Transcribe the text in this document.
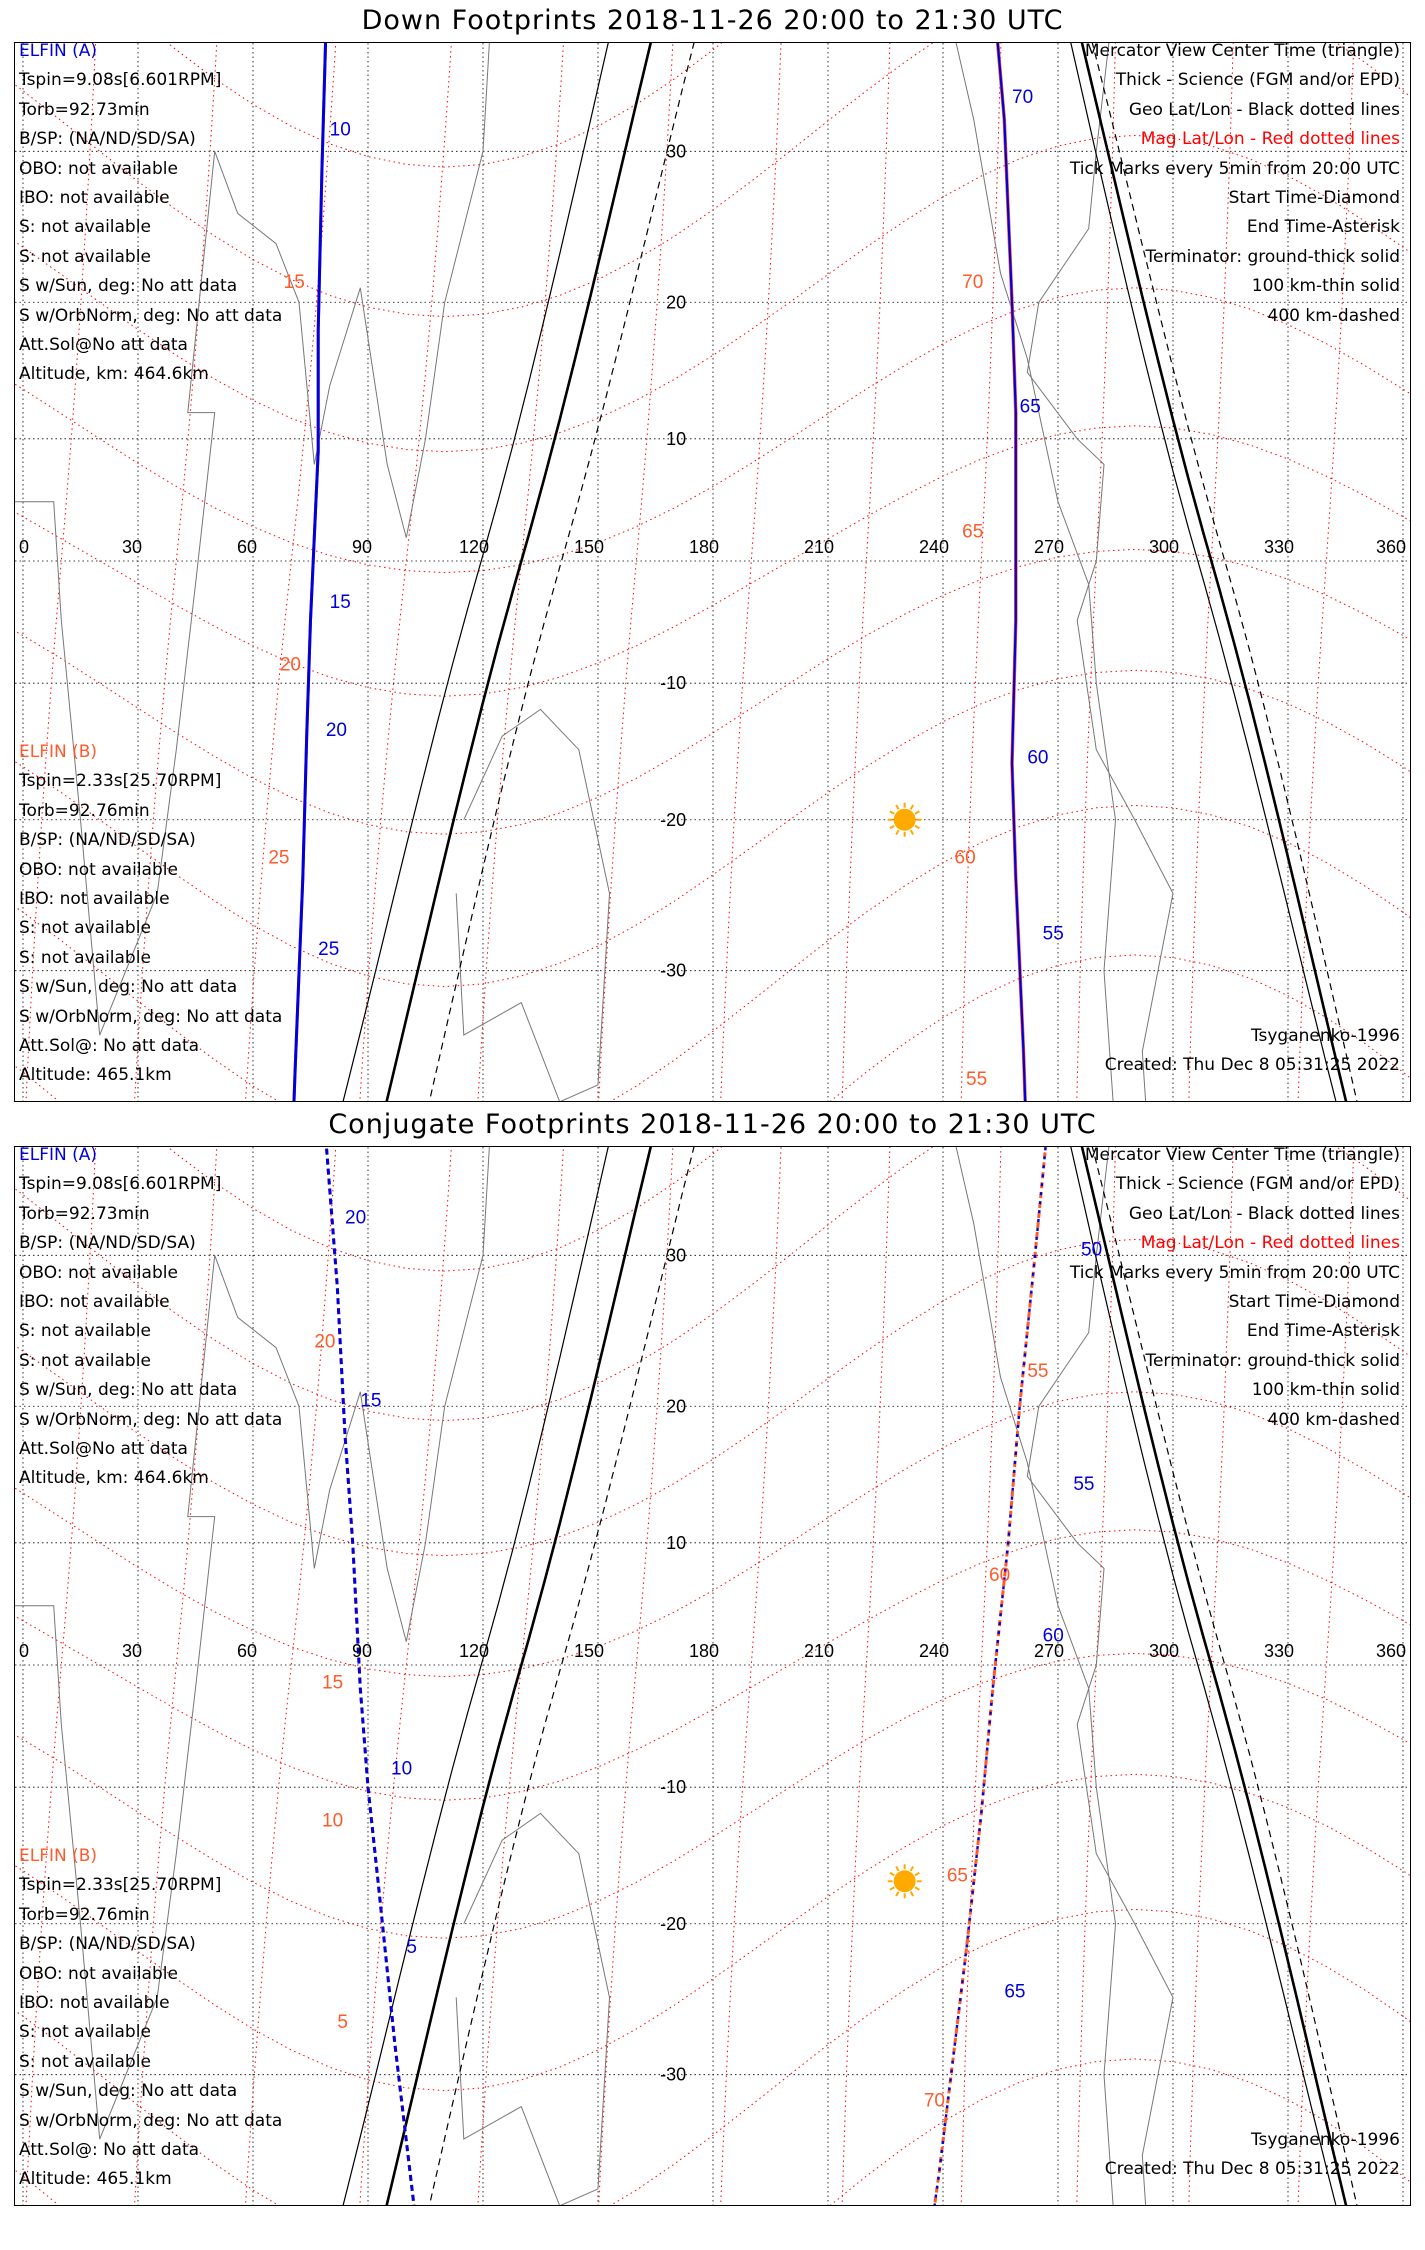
Down Footprints 2018-11-26 20:00 to 21:30 UTC
10
15
20
25
70
65
60
55
15
20
25
70
65
60
55
0	30	60	90	120	150	180	210	240	270	300	330	360
30
20
10
-10
-20
-30
ELFIN (A)
Tspin=9.08s[6.601RPM]
Torb=92.73min
B/SP: (NA/ND/SD/SA)
OBO: not available
IBO: not available
S: not available
S: not available
S w/Sun, deg: No att data
S w/OrbNorm, deg: No att data
Att.Sol@No att data
Altitude, km: 464.6km
ELFIN (B)
Tspin=2.33s[25.70RPM]
Torb=92.76min
B/SP: (NA/ND/SD/SA)
OBO: not available
IBO: not available
S: not available
S: not available
S w/Sun, deg: No att data
S w/OrbNorm, deg: No att data
Att.Sol@: No att data
Altitude: 465.1km
Mercator View Center Time (triangle)
Thick - Science (FGM and/or EPD)
Geo Lat/Lon - Black dotted lines
Mag Lat/Lon - Red dotted lines
Tick Marks every 5min from 20:00 UTC
Start Time-Diamond
End Time-Asterisk
Terminator: ground-thick solid
100 km-thin solid
400 km-dashed
Tsyganenko-1996
Created: Thu Dec 8 05:31:25 2022
Conjugate Footprints 2018-11-26 20:00 to 21:30 UTC
20
15
10
5
50
55
60
65
20
15
10
5
55
60
65
70
0	30	60	90	120	150	180	210	240	270	300	330	360
30
20
10
-10
-20
-30
ELFIN (A)
Tspin=9.08s[6.601RPM]
Torb=92.73min
B/SP: (NA/ND/SD/SA)
OBO: not available
IBO: not available
S: not available
S: not available
S w/Sun, deg: No att data
S w/OrbNorm, deg: No att data
Att.Sol@No att data
Altitude, km: 464.6km
ELFIN (B)
Tspin=2.33s[25.70RPM]
Torb=92.76min
B/SP: (NA/ND/SD/SA)
OBO: not available
IBO: not available
S: not available
S: not available
S w/Sun, deg: No att data
S w/OrbNorm, deg: No att data
Att.Sol@: No att data
Altitude: 465.1km
Mercator View Center Time (triangle)
Thick - Science (FGM and/or EPD)
Geo Lat/Lon - Black dotted lines
Mag Lat/Lon - Red dotted lines
Tick Marks every 5min from 20:00 UTC
Start Time-Diamond
End Time-Asterisk
Terminator: ground-thick solid
100 km-thin solid
400 km-dashed
Tsyganenko-1996
Created: Thu Dec 8 05:31:25 2022
